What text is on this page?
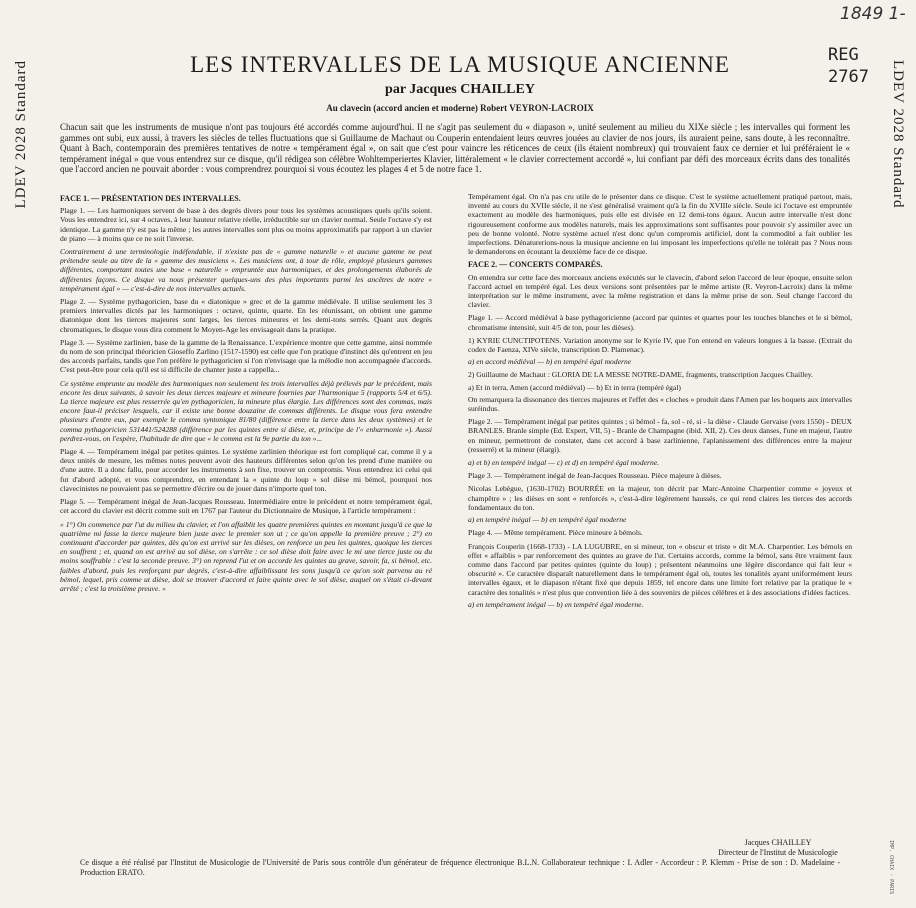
LDEV 2028 Standard	LDEV 2028 Standard
1849 1-
REG
2767
LES INTERVALLES DE LA MUSIQUE ANCIENNE
par Jacques CHAILLEY
Au clavecin (accord ancien et moderne) Robert VEYRON-LACROIX
Chacun sait que les instruments de musique n'ont pas toujours été accordés comme aujourd'hui. Il ne s'agit pas seulement du « diapason », unité seulement au milieu du XIXe siècle ; les intervalles qui forment les gammes ont subi, eux aussi, à travers les siècles de telles fluctuations que si Guillaume de Machaut ou Couperin entendaient leurs œuvres jouées au clavier de nos jours, ils auraient peine, sans doute, à les reconnaître. Quant à Bach, contemporain des premières tentatives de notre « tempérament égal », on sait que c'est pour vaincre les réticences de ceux (ils étaient nombreux) qui trouvaient faux ce dernier et lui préféraient le « tempérament inégal » que vous entendrez sur ce disque, qu'il rédigea son célèbre Wohltemperiertes Klavier, littéralement « le clavier correctement accordé », lui confiant par défi des morceaux écrits dans des tonalités que l'accord ancien ne pouvait aborder : vous comprendrez pourquoi si vous écoutez les plages 4 et 5 de notre face 1.

FACE 1. — PRÉSENTATION DES INTERVALLES.

Plage 1. — Les harmoniques servent de base à des degrés divers pour tous les systèmes acoustiques quels qu'ils soient. Vous les entendrez ici, sur 4 octaves, à leur hauteur relative réelle, irréductible sur un clavier normal. Seule l'octave s'y est identique. La gamme n'y est pas la même ; les autres intervalles sont plus ou moins approximatifs par rapport à un clavier de piano — à moins que ce ne soit l'inverse.

Contrairement à une terminologie indéfendable, il n'existe pas de « gamme naturelle » et aucune gamme ne peut prétendre seule au titre de la « gamme des musiciens ». Les musiciens ont, à tour de rôle, employé plusieurs gammes différentes, comportant toutes une base « naturelle » empruntée aux harmoniques, et des prolongements élaborés de différentes façons. Ce disque va nous présenter quelques-uns des plus importants parmi les ancêtres de notre « tempérament égal » — c'est-à-dire de nos intervalles actuels.

Plage 2. — Système pythagoricien, base du « diatonique » grec et de la gamme médiévale. Il utilise seulement les 3 premiers intervalles dictés par les harmoniques : octave, quinte, quarte. En les réunissant, on obtient une gamme diatonique dont les tierces majeures sont larges, les tierces mineures et les demi-tons serrés. Quant aux degrés chromatiques, le disque vous dira comment le Moyen-Age les envisageait dans la pratique.

Plage 3. — Système zarlinien, base de la gamme de la Renaissance. L'expérience montre que cette gamme, ainsi nommée du nom de son principal théoricien Gioseffo Zarlino (1517-1590) est celle que l'on pratique d'instinct dès qu'entrent en jeu des accords parfaits, tandis que l'on préfère le pythagoricien si l'on n'envisage que la mélodie non accompagnée d'accords. C'est peut-être pour cela qu'il est si difficile de chanter juste a cappella...

Ce système emprunte au modèle des harmoniques non seulement les trois intervalles déjà prélevés par le précédent, mais encore les deux suivants, à savoir les deux tierces majeure et mineure fournies par l'harmonique 5 (rapports 5/4 et 6/5). La tierce majeure est plus resserrée qu'en pythagoricien, la mineure plus élargie. Les différences sont des commas, mais encore faut-il préciser lesquels, car il existe une bonne douzaine de commas différents. Le disque vous fera entendre plusieurs d'entre eux, par exemple le comma syntonique 81/80 (différence entre la tierce dans les deux systèmes) et le comma pythagoricien 531441/524288 (différence par les quintes entre si dièse, et, principe de l'« enharmonie »). Aussi perdrez-vous, on l'espère, l'habitude de dire que « le comma est la 9e partie du ton »...

Plage 4. — Tempérament inégal par petites quintes. Le système zarlinien théorique est fort compliqué car, comme il y a deux unités de mesure, les mêmes notes peuvent avoir des hauteurs différentes selon qu'on les prend d'une manière ou d'une autre. Il a donc fallu, pour accorder les instruments à son fixe, trouver un compromis. Vous entendrez ici celui qui fut d'abord adopté, et vous comprendrez, en entendant la « quinte du loup » sol dièse mi bémol, pourquoi nos clavecinistes ne pouvaient pas se permettre d'écrire ou de jouer dans n'importe quel ton.

Plage 5. — Tempérament inégal de Jean-Jacques Rousseau. Intermédiaire entre le précédent et notre tempérament égal, cet accord du clavier est décrit comme suit en 1767 par l'auteur du Dictionnaire de Musique, à l'article tempérament :

« 1°) On commence par l'ut du milieu du clavier, et l'on affaiblit les quatre premières quintes en montant jusqu'à ce que la quatrième mi fasse la tierce majeure bien juste avec le premier son ut ; ce qu'on appelle la première preuve ; 2°) en continuant d'accorder par quintes, dès qu'on est arrivé sur les dièses, on renforce un peu les quintes, quoique les tierces en souffrent ; et, quand on est arrivé au sol dièse, on s'arrête : ce sol dièse doit faire avec le mi une tierce juste ou du moins souffrable : c'est la seconde preuve. 3°) on reprend l'ut et on accorde les quintes au grave, savoir, fa, si bémol, etc. faibles d'abord, puis les renforçant par degrés, c'est-à-dire affaiblissant les sons jusqu'à ce qu'on soit parvenu au ré bémol, lequel, pris comme ut dièse, doit se trouver d'accord et faire quinte avec le sol dièse, auquel on s'était ci-devant arrêté ; c'est la troisième preuve. »

Tempérament égal. On n'a pas cru utile de le présenter dans ce disque. C'est le système actuellement pratiqué partout, mais, inventé au cours du XVIIe siècle, il ne s'est généralisé vraiment qu'à la fin du XVIIIe siècle. Seule ici l'octave est empruntée exactement au modèle des harmoniques, puis elle est divisée en 12 demi-tons égaux. Aucun autre intervalle n'est donc rigoureusement conforme aux modèles naturels, mais les approximations sont suffisantes pour pouvoir s'y assimiler avec un peu de bonne volonté. Notre système actuel n'est donc qu'un compromis artificiel, dont la commodité a fait oublier les imperfections. Dénaturerions-nous la musique ancienne en lui imposant les imperfections qu'elle ne tolérait pas ? Nous nous le demanderons en écoutant la deuxième face de ce disque.

FACE 2. — CONCERTS COMPARÉS.

On entendra sur cette face des morceaux anciens exécutés sur le clavecin, d'abord selon l'accord de leur époque, ensuite selon l'accord actuel en tempéré égal. Les deux versions sont présentées par le même artiste (R. Veyron-Lacroix) dans la même interprétation sur le même instrument, avec la même registration et dans la même prise de son. Seul change l'accord du clavier.

Plage 1. — Accord médiéval à base pythagoricienne (accord par quintes et quartes pour les touches blanches et le si bémol, chromatisme intensité, suit 4/5 de ton, pour les dièses).

1) KYRIE CUNCTIPOTENS. Variation anonyme sur le Kyrie IV, que l'on entend en valeurs longues à la basse. (Extrait du codex de Faenza, XIVe siècle, transcription D. Plamenac).

a) en accord médiéval — b) en tempéré égal moderne

2) Guillaume de Machaut : GLORIA DE LA MESSE NOTRE-DAME, fragments, transcription Jacques Chailley.

a) Et in terra, Amen (accord médiéval) — b) Et in terra (tempéré égal)

On remarquera la dissonance des tierces majeures et l'effet des « cloches » produit dans l'Amen par les hoquets aux intervalles suréindus.

Plage 2. — Tempérament inégal par petites quintes ; si bémol - fa, sol - ré, si - la dièse - Claude Gervaise (vers 1550) - DEUX BRANLES. Branle simple (Ed. Expert, VII, 5) - Branle de Champagne (ibid. XII, 2). Ces deux danses, l'une en majeur, l'autre en mineur, permettront de constater, dans cet accord à base zarlinienne, l'aplanissement des différences entre la majeur (resserré) et la mineur (élargi).

a) et b) en tempéré inégal — c) et d) en tempéré égal moderne.

Plage 3. — Tempérament inégal de Jean-Jacques Rousseau. Pièce majeure à dièses.

Nicolas Lebègue, (1630-1702) BOURRÉE en la majeur, ton décrit par Marc-Antoine Charpentier comme « joyeux et champêtre » ; les dièses en sont « renforcés », c'est-à-dire légèrement haussés, ce qui rend claires les tierces des accords fondamentaux du ton.

a) en tempéré inégal — b) en tempéré égal moderne

Plage 4. — Même tempérament. Pièce mineure à bémols.

François Couperin (1668-1733) - LA LUGUBRE, en si mineur, ton « obscur et triste » dit M.A. Charpentier. Les bémols en effet « affaiblis » par renforcement des quintes au grave de l'ut. Certains accords, comme la bémol, sans être vraiment faux comme dans l'accord par petites quintes (quinte du loup) ; présentent néanmoins une légère discordance qui fait leur « obscurité ». Ce caractère disparaît naturellement dans le tempérament égal où, toutes les tonalités ayant uniformément leurs intervalles égaux, et le diapason n'étant fixé que depuis 1859, tel encore dans une limite fort relative par la pratique le « caractère des tonalités » n'est plus que convention liée à des souvenirs de pièces célèbres et à des associations d'idées factices.

a) en tempérament inégal — b) en tempéré égal moderne.

Jacques CHAILLEY
Directeur de l'Institut de Musicologie
Ce disque a été réalisé par l'Institut de Musicologie de l'Université de Paris sous contrôle d'un générateur de fréquence électronique B.L.N. Collaborateur technique : I. Adler - Accordeur : P. Klemm - Prise de son : D. Madelaine - Production ERATO.	IMP. CHAIX - PARIS
